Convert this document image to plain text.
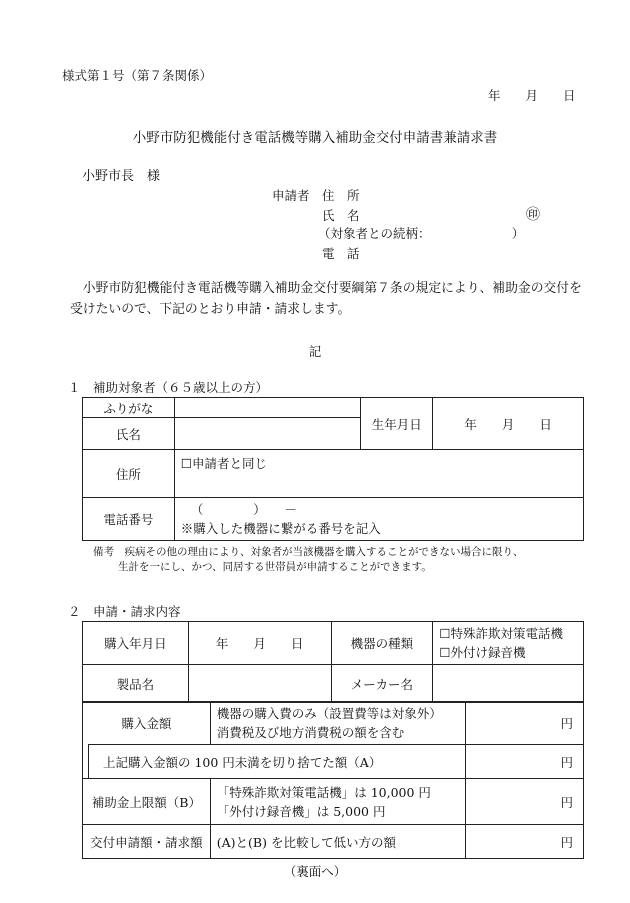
様式第１号（第７条関係）
年　　月　　日
小野市防犯機能付き電話機等購入補助金交付申請書兼請求書
小野市長　様
申請者 住　所
氏　名	㊞
（対象者との続柄：　　　　　　　）
電　話
　小野市防犯機能付き電話機等購入補助金交付要綱第７条の規定により、補助金の交付を受けたいので、下記のとおり申請・請求します。
記
１　補助対象者（６５歳以上の方）
ふりがな		生年月日	年　　月　　日
氏名			
住所	☐申請者と同じ		
電話番号	（　　　　）　　－
※購入した機器に繋がる番号を記入		
備考　疾病その他の理由により、対象者が当該機器を購入することができない場合に限り、
生計を一にし、かつ、同居する世帯員が申請することができます。
２　申請・請求内容
購入年月日	年　　月　　日	機器の種類	☐特殊詐欺対策電話機
☐外付け録音機

製品名		メーカー名	
購入金額		機器の購入費のみ（設置費等は対象外）
消費税及び地方消費税の額を含む	円
	上記購入金額の 100 円未満を切り捨てた額（A）		円
補助金上限額（B）		「特殊詐欺対策電話機」は 10,000 円
「外付け録音機」は 5,000 円	円
交付申請額・請求額		(A)と(B) を比較して低い方の額	円
（裏面へ）
